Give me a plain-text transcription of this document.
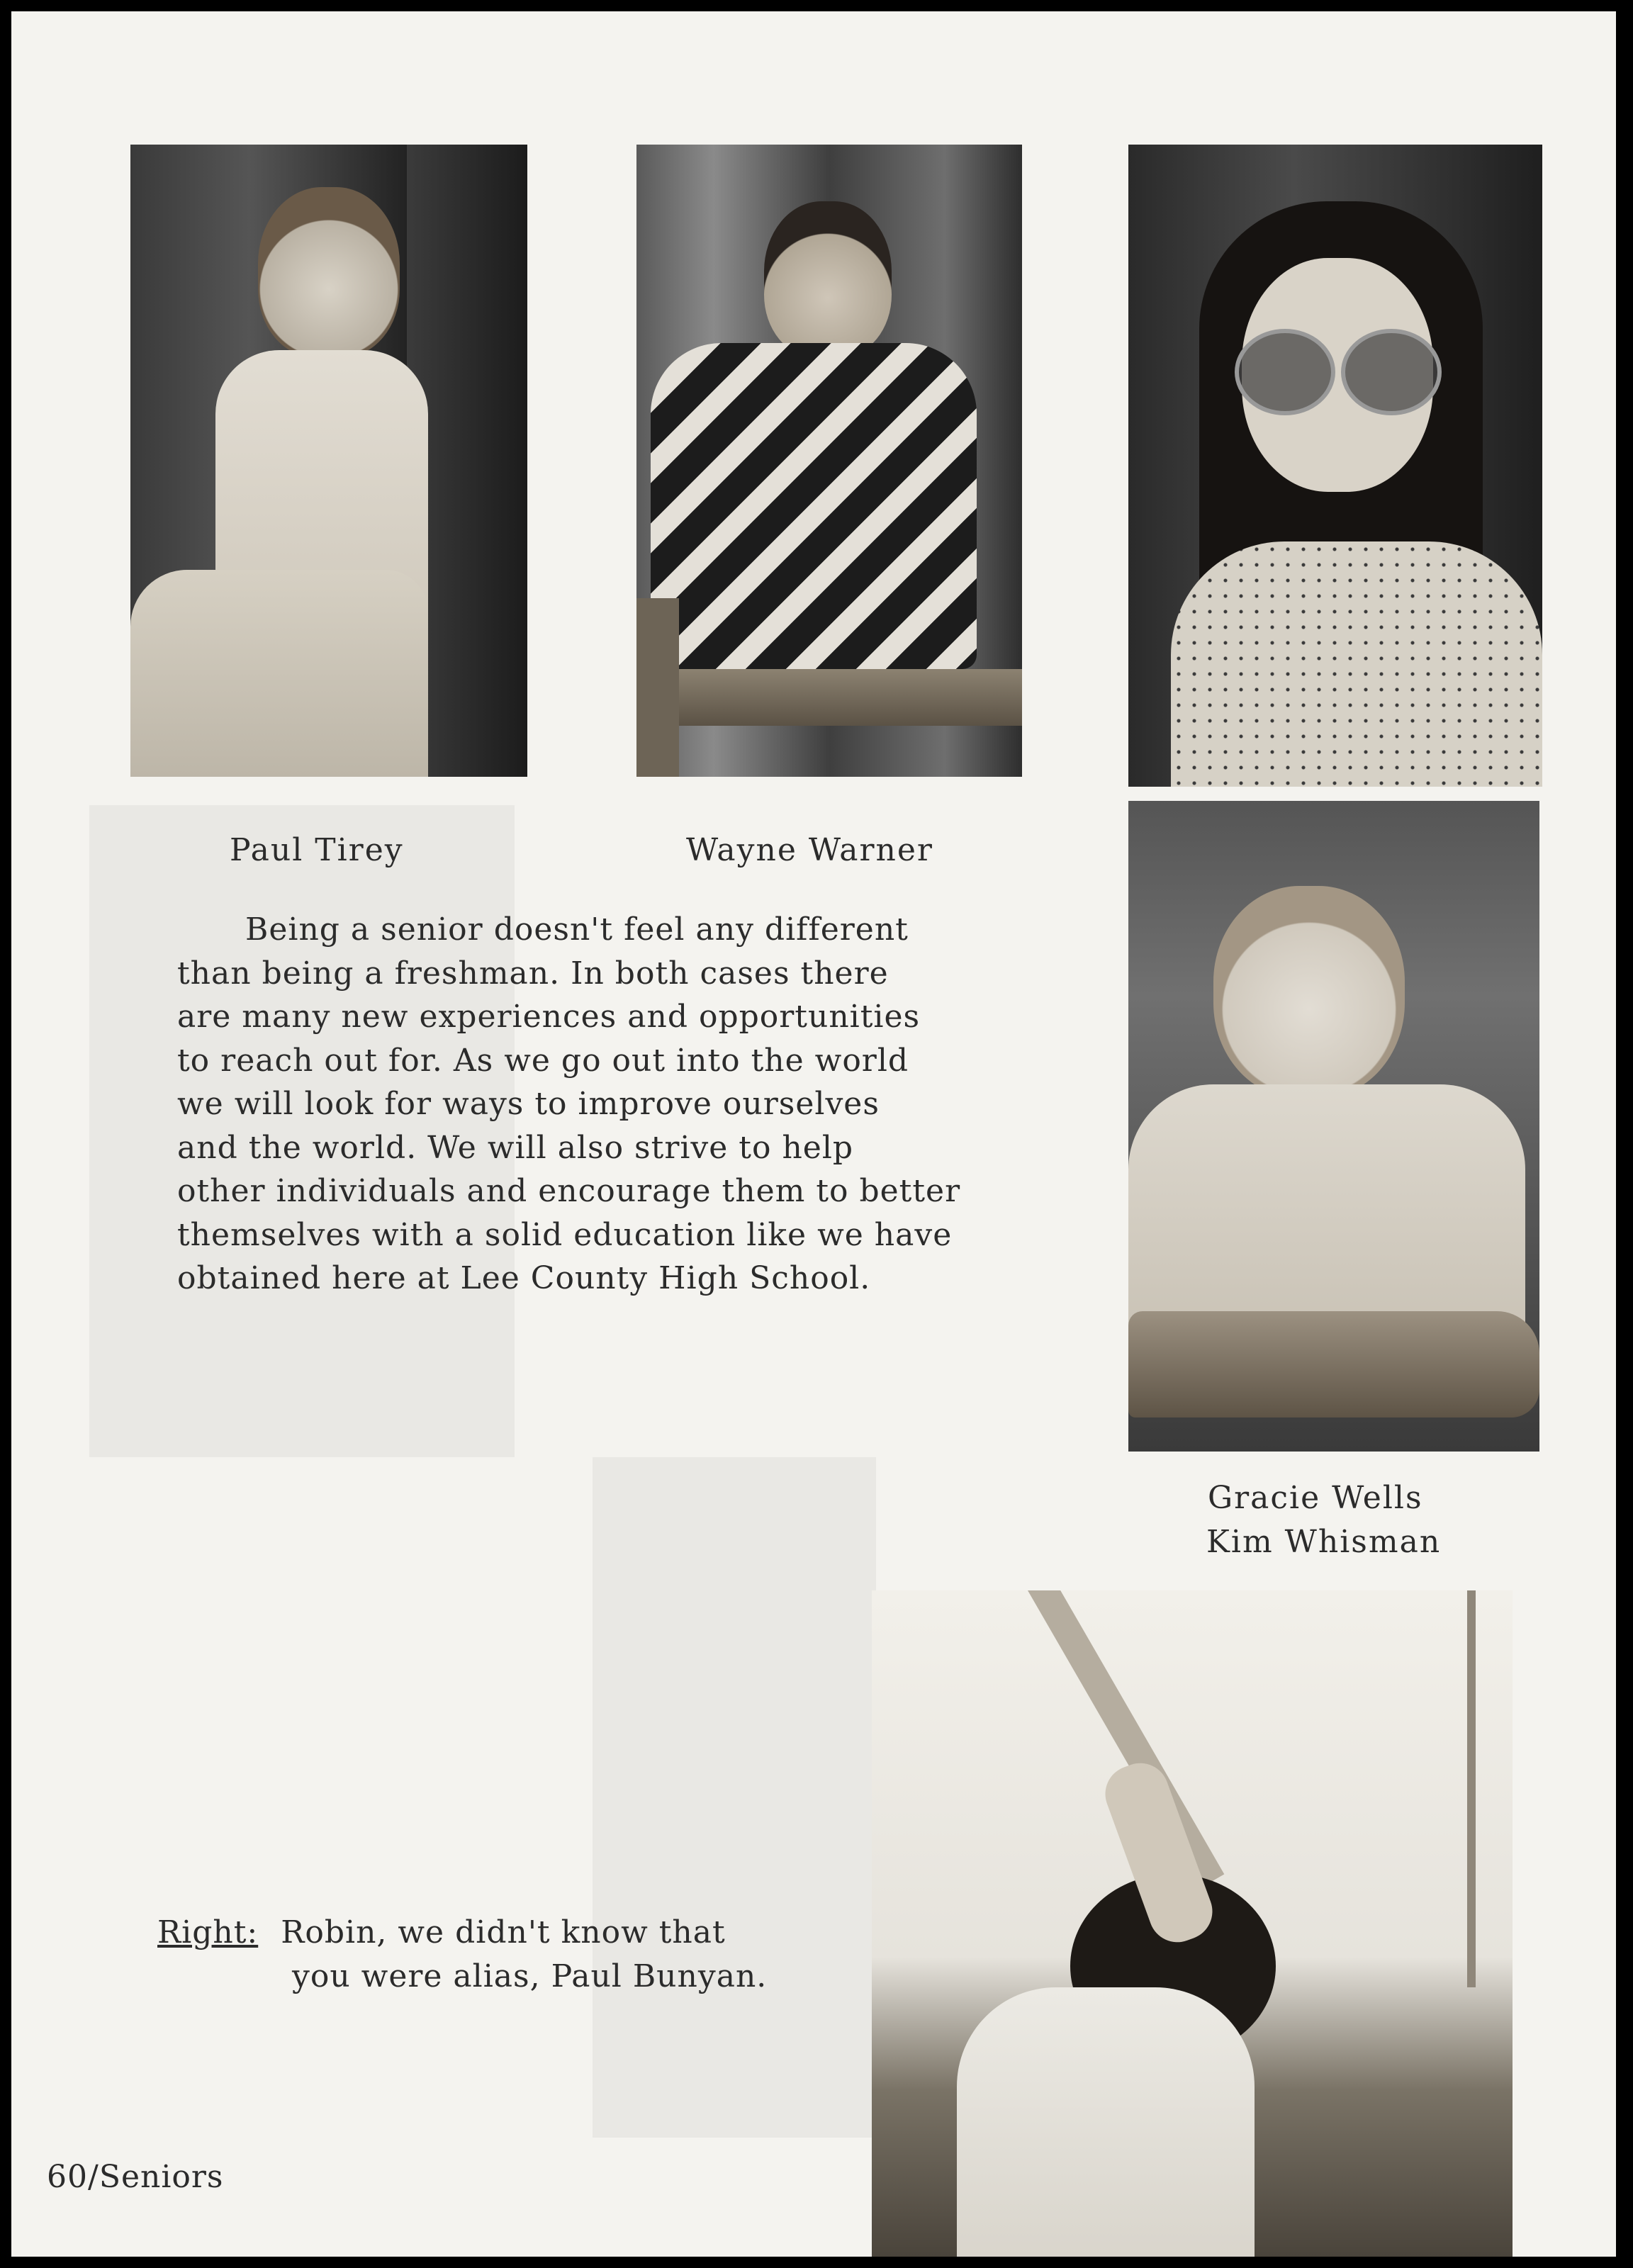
Paul Tirey	Wayne Warner
Gracie Wells
Kim Whisman
Being a senior doesn't feel any different
than being a freshman. In both cases there
are many new experiences and opportunities
to reach out for. As we go out into the world
we will look for ways to improve ourselves
and the world. We will also strive to help
other individuals and encourage them to better
themselves with a solid education like we have
obtained here at Lee County High School.
Right: Robin, we didn't know that
you were alias, Paul Bunyan.
60/Seniors
